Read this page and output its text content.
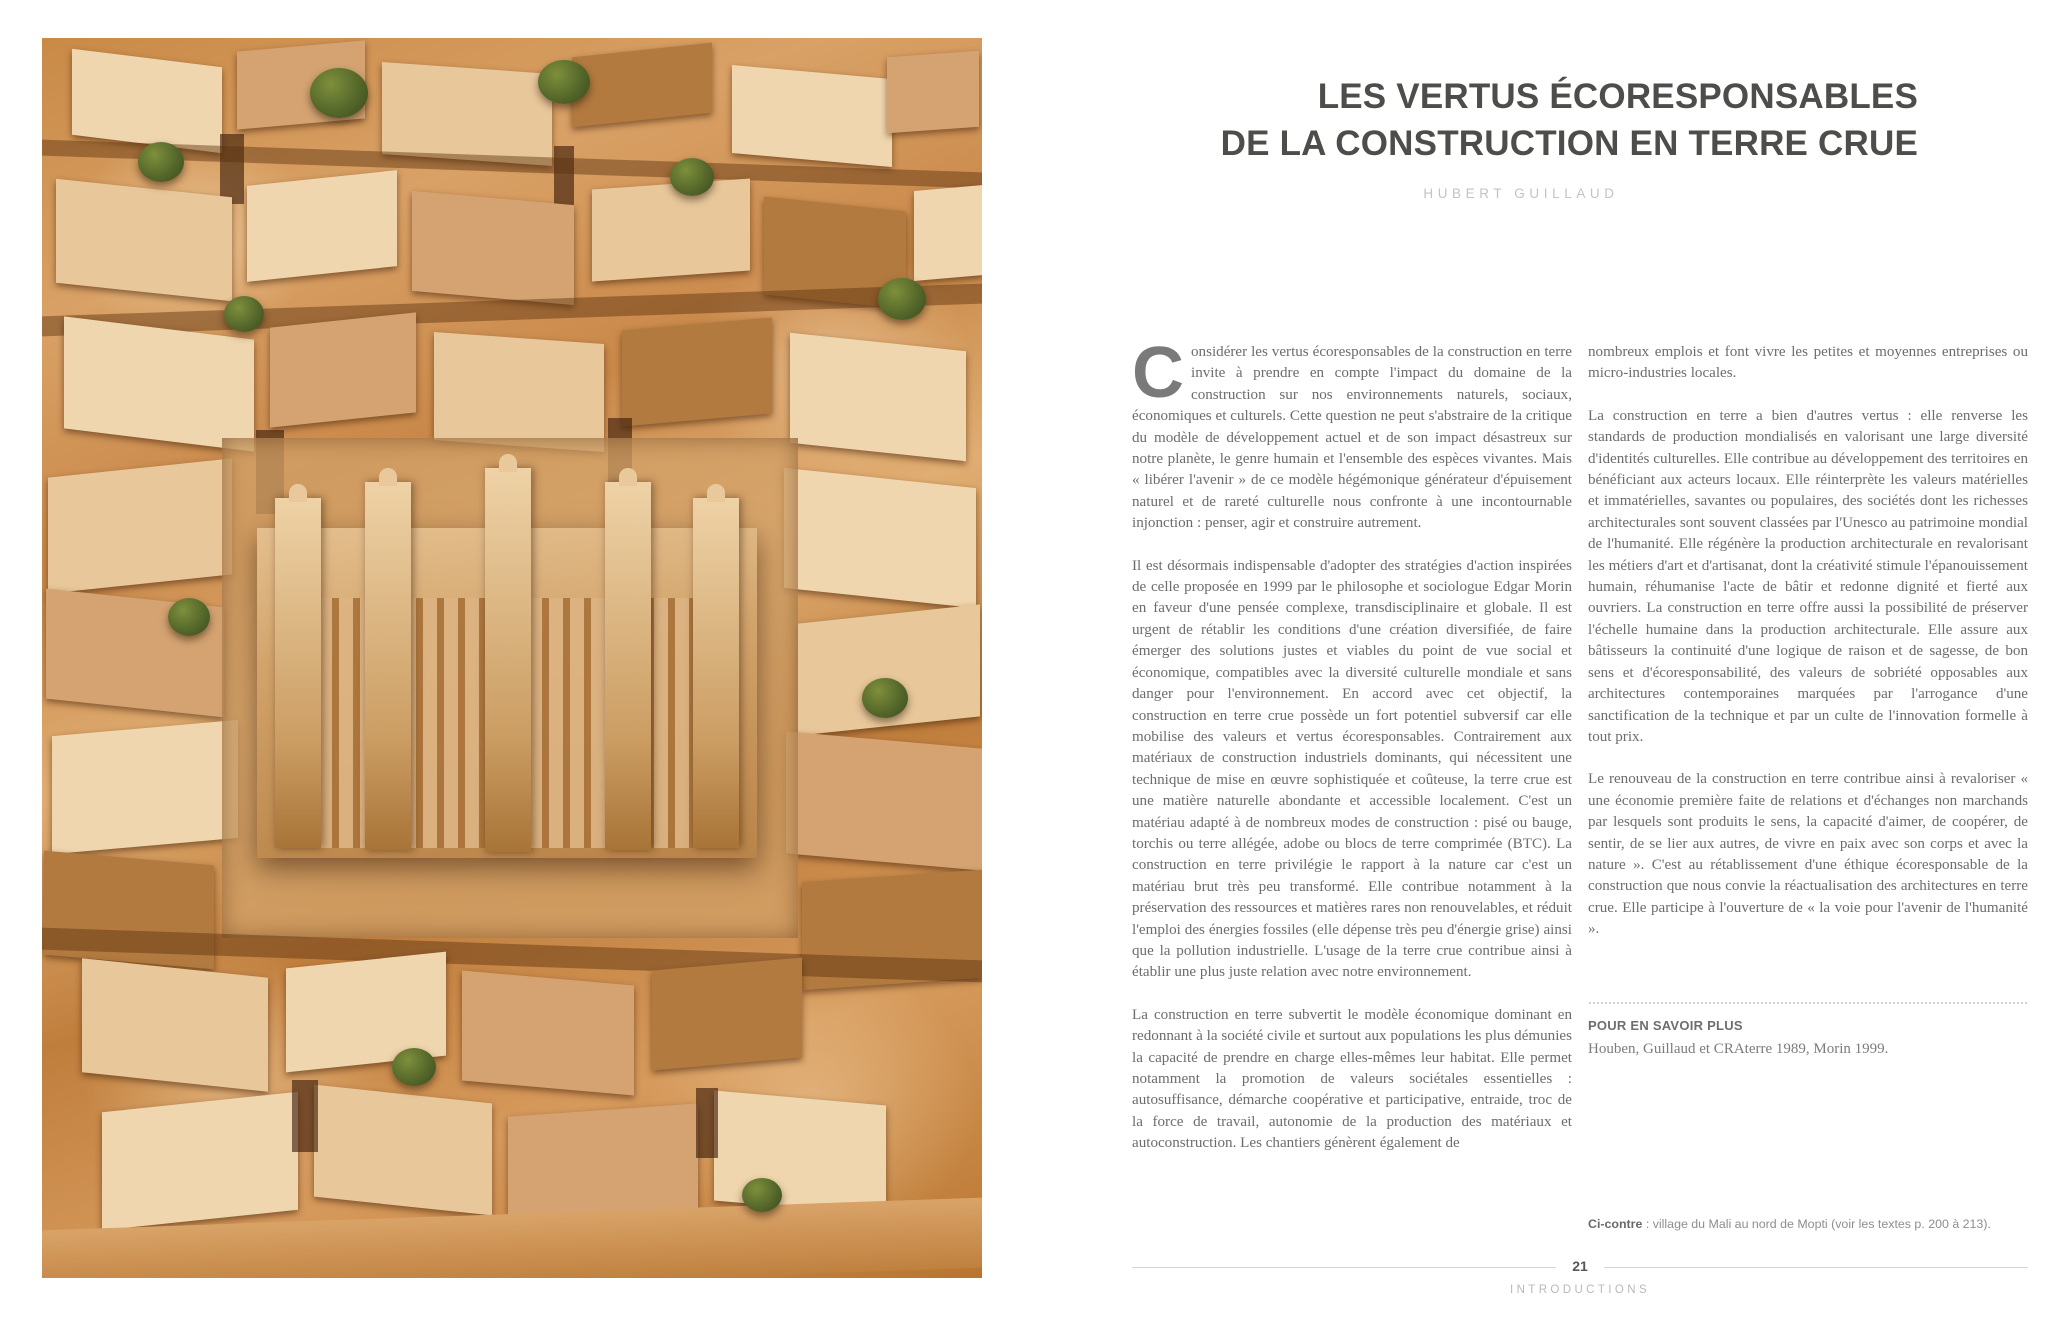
LES VERTUS ÉCORESPONSABLES
DE LA CONSTRUCTION EN TERRE CRUE
HUBERT GUILLAUD

Considérer les vertus écoresponsables de la construction en terre invite à prendre en compte l'impact du domaine de la construction sur nos environnements naturels, sociaux, économiques et culturels. Cette question ne peut s'abstraire de la critique du modèle de développement actuel et de son impact désastreux sur notre planète, le genre humain et l'ensemble des espèces vivantes. Mais « libérer l'avenir » de ce modèle hégémonique générateur d'épuisement naturel et de rareté culturelle nous confronte à une incontournable injonction : penser, agir et construire autrement.

Il est désormais indispensable d'adopter des stratégies d'action inspirées de celle proposée en 1999 par le philosophe et sociologue Edgar Morin en faveur d'une pensée complexe, transdisciplinaire et globale. Il est urgent de rétablir les conditions d'une création diversifiée, de faire émerger des solutions justes et viables du point de vue social et économique, compatibles avec la diversité culturelle mondiale et sans danger pour l'environnement. En accord avec cet objectif, la construction en terre crue possède un fort potentiel subversif car elle mobilise des valeurs et vertus écoresponsables. Contrairement aux matériaux de construction industriels dominants, qui nécessitent une technique de mise en œuvre sophistiquée et coûteuse, la terre crue est une matière naturelle abondante et accessible localement. C'est un matériau adapté à de nombreux modes de construction : pisé ou bauge, torchis ou terre allégée, adobe ou blocs de terre comprimée (BTC). La construction en terre privilégie le rapport à la nature car c'est un matériau brut très peu transformé. Elle contribue notamment à la préservation des ressources et matières rares non renouvelables, et réduit l'emploi des énergies fossiles (elle dépense très peu d'énergie grise) ainsi que la pollution industrielle. L'usage de la terre crue contribue ainsi à établir une plus juste relation avec notre environnement.

La construction en terre subvertit le modèle économique dominant en redonnant à la société civile et surtout aux populations les plus démunies la capacité de prendre en charge elles-mêmes leur habitat. Elle permet notamment la promotion de valeurs sociétales essentielles : autosuffisance, démarche coopérative et participative, entraide, troc de la force de travail, autonomie de la production des matériaux et autoconstruction. Les chantiers génèrent également de

nombreux emplois et font vivre les petites et moyennes entreprises ou micro-industries locales.

La construction en terre a bien d'autres vertus : elle renverse les standards de production mondialisés en valorisant une large diversité d'identités culturelles. Elle contribue au développement des territoires en bénéficiant aux acteurs locaux. Elle réinterprète les valeurs matérielles et immatérielles, savantes ou populaires, des sociétés dont les richesses architecturales sont souvent classées par l'Unesco au patrimoine mondial de l'humanité. Elle régénère la production architecturale en revalorisant les métiers d'art et d'artisanat, dont la créativité stimule l'épanouissement humain, réhumanise l'acte de bâtir et redonne dignité et fierté aux ouvriers. La construction en terre offre aussi la possibilité de préserver l'échelle humaine dans la production architecturale. Elle assure aux bâtisseurs la continuité d'une logique de raison et de sagesse, de bon sens et d'écoresponsabilité, des valeurs de sobriété opposables aux architectures contemporaines marquées par l'arrogance d'une sanctification de la technique et par un culte de l'innovation formelle à tout prix.

Le renouveau de la construction en terre contribue ainsi à revaloriser « une économie première faite de relations et d'échanges non marchands par lesquels sont produits le sens, la capacité d'aimer, de coopérer, de sentir, de se lier aux autres, de vivre en paix avec son corps et avec la nature ». C'est au rétablissement d'une éthique écoresponsable de la construction que nous convie la réactualisation des architectures en terre crue. Elle participe à l'ouverture de « la voie pour l'avenir de l'humanité ».

POUR EN SAVOIR PLUS
Houben, Guillaud et CRAterre 1989, Morin 1999.
Ci-contre : village du Mali au nord de Mopti (voir les textes p. 200 à 213).
21
INTRODUCTIONS
